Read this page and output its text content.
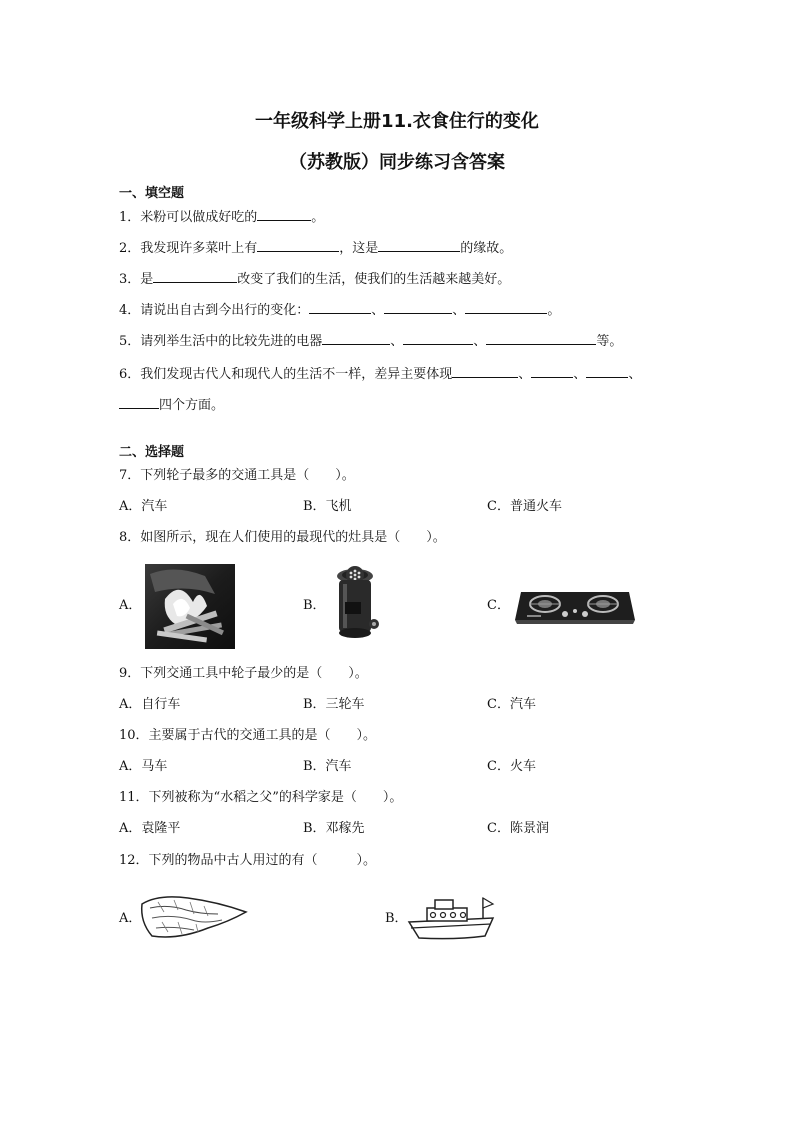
一年级科学上册11.衣食住行的变化
（苏教版）同步练习含答案
一、填空题
1．米粉可以做成好吃的	。
2．我发现许多菜叶上有	，这是	的缘故。
3．是	改变了我们的生活，使我们的生活越来越美好。
4．请说出自古到今出行的变化：	、	、	。
5．请列举生活中的比较先进的电器	、	、	等。
6．我们发现古代人和现代人的生活不一样，差异主要体现	、	、	、
四个方面。
二、选择题
7．下列轮子最多的交通工具是（　　）。
A．汽车	B．飞机	C．普通火车
8．如图所示，现在人们使用的最现代的灶具是（　　）。
A．	B．	C．
9．下列交通工具中轮子最少的是（　　）。
A．自行车	B．三轮车	C．汽车
10．主要属于古代的交通工具的是（　　）。
A．马车	B．汽车	C．火车
11．下列被称为“水稻之父”的科学家是（　　）。
A．袁隆平	B．邓稼先	C．陈景润
12．下列的物品中古人用过的有（　　　）。
A．	B．
